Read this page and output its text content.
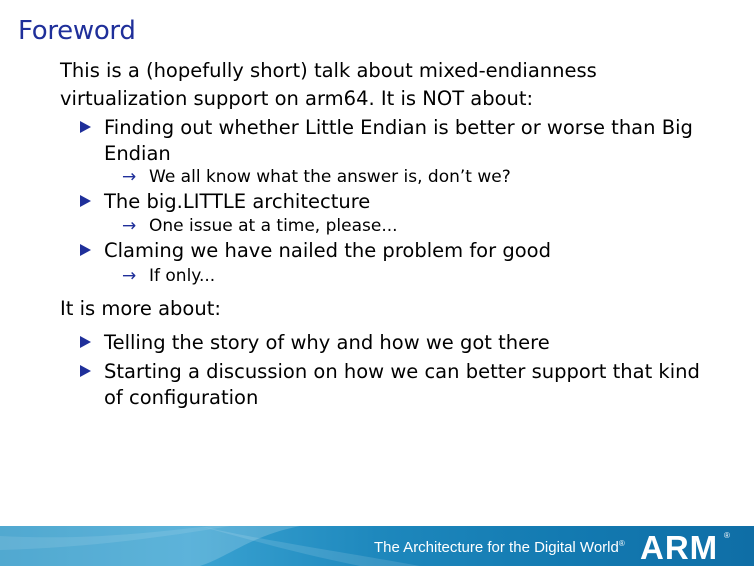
Foreword
This is a (hopefully short) talk about mixed-endianness
virtualization support on arm64. It is NOT about:
Finding out whether Little Endian is better or worse than Big Endian
→ We all know what the answer is, don’t we?
The big.LITTLE architecture
→ One issue at a time, please...
Claming we have nailed the problem for good
→ If only...
It is more about:
Telling the story of why and how we got there
Starting a discussion on how we can better support that kind of configuration
The Architecture for the Digital World® ARM ®
